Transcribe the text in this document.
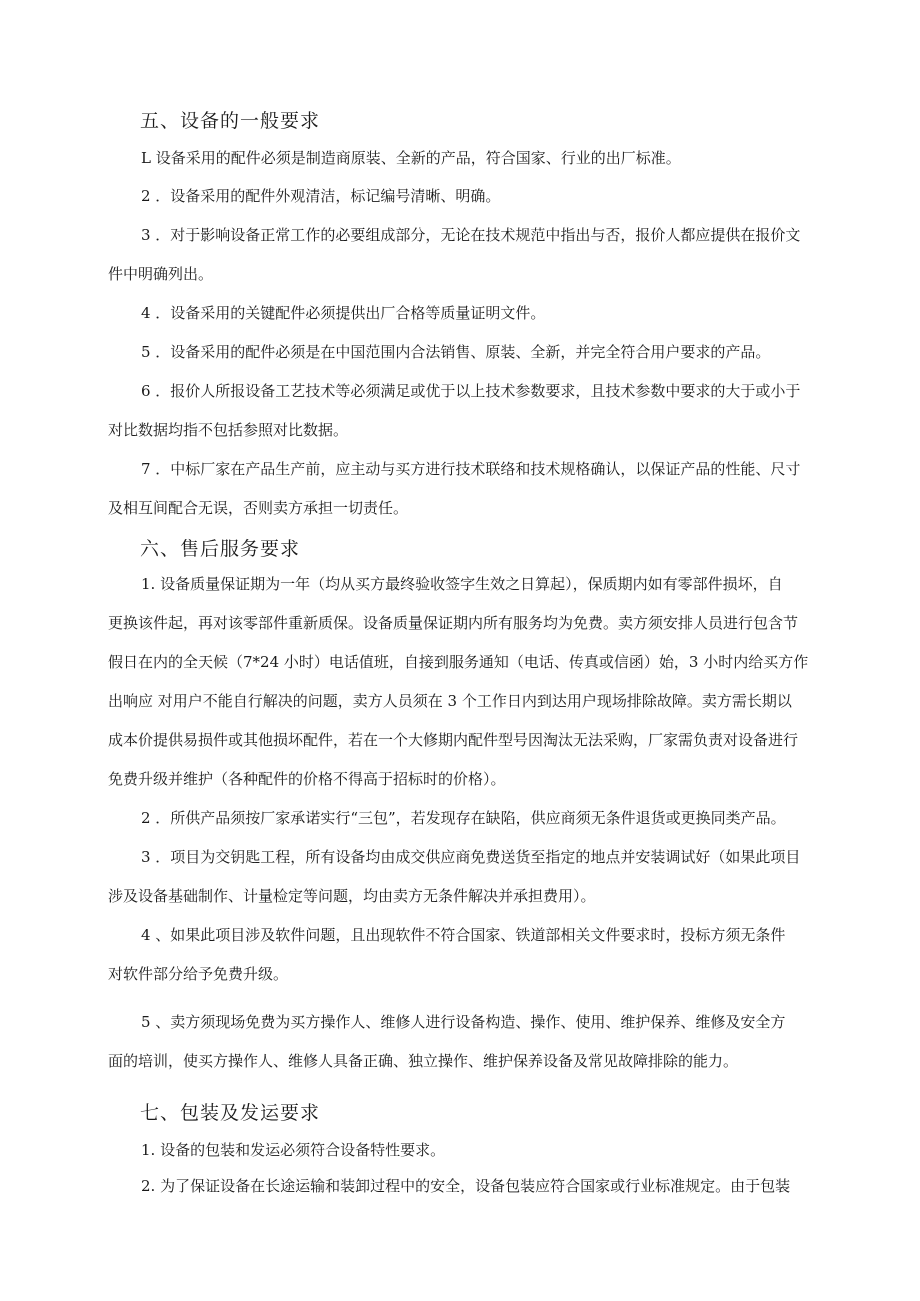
五、设备的一般要求
L 设备采用的配件必须是制造商原装、全新的产品，符合国家、行业的出厂标准。
2 ．设备采用的配件外观清洁，标记编号清晰、明确。
3 ．对于影响设备正常工作的必要组成部分，无论在技术规范中指出与否，报价人都应提供在报价文
件中明确列出。
4 ．设备采用的关键配件必须提供出厂合格等质量证明文件。
5 ．设备采用的配件必须是在中国范围内合法销售、原装、全新，并完全符合用户要求的产品。
6 ．报价人所报设备工艺技术等必须满足或优于以上技术参数要求，且技术参数中要求的大于或小于
对比数据均指不包括参照对比数据。
7 ．中标厂家在产品生产前，应主动与买方进行技术联络和技术规格确认，以保证产品的性能、尺寸
及相互间配合无误，否则卖方承担一切责任。
六、售后服务要求
1. 设备质量保证期为一年（均从买方最终验收签字生效之日算起），保质期内如有零部件损坏，自
更换该件起，再对该零部件重新质保。设备质量保证期内所有服务均为免费。卖方须安排人员进行包含节
假日在内的全天候（7*24 小时）电话值班，自接到服务通知（电话、传真或信函）始，3 小时内给买方作
出响应 对用户不能自行解决的问题，卖方人员须在 3 个工作日内到达用户现场排除故障。卖方需长期以
成本价提供易损件或其他损坏配件，若在一个大修期内配件型号因淘汰无法采购，厂家需负责对设备进行
免费升级并维护（各种配件的价格不得高于招标时的价格）。
2 ．所供产品须按厂家承诺实行“三包”，若发现存在缺陷，供应商须无条件退货或更换同类产品。
3 ．项目为交钥匙工程，所有设备均由成交供应商免费送货至指定的地点并安装调试好（如果此项目
涉及设备基础制作、计量检定等问题，均由卖方无条件解决并承担费用）。
4 、如果此项目涉及软件问题，且出现软件不符合国家、铁道部相关文件要求时，投标方须无条件
对软件部分给予免费升级。
5 、卖方须现场免费为买方操作人、维修人进行设备构造、操作、使用、维护保养、维修及安全方
面的培训，使买方操作人、维修人具备正确、独立操作、维护保养设备及常见故障排除的能力。
七、包装及发运要求
1. 设备的包装和发运必须符合设备特性要求。
2. 为了保证设备在长途运输和装卸过程中的安全，设备包装应符合国家或行业标准规定。由于包装
